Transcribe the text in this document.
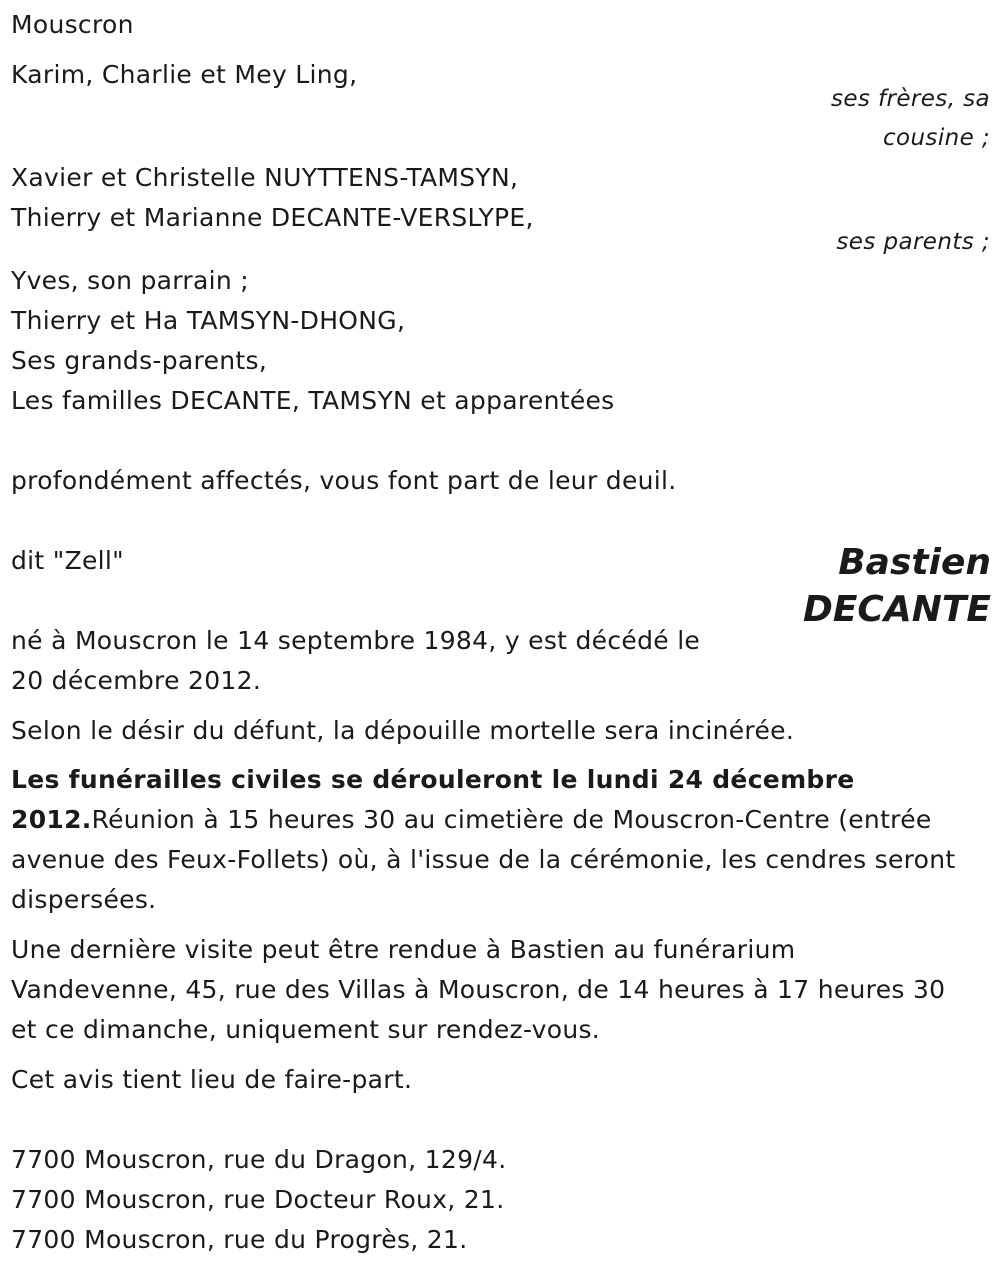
Mouscron
Karim, Charlie et Mey Ling,
ses frères, sa
cousine ;
Xavier et Christelle NUYTTENS-TAMSYN,
Thierry et Marianne DECANTE-VERSLYPE,
ses parents ;
Yves, son parrain ;
Thierry et Ha TAMSYN-DHONG,
Ses grands-parents,
Les familles DECANTE, TAMSYN et apparentées
profondément affectés, vous font part de leur deuil.
dit "Zell"	Bastien
DECANTE
né à Mouscron le 14 septembre 1984, y est décédé le
20 décembre 2012.
Selon le désir du défunt, la dépouille mortelle sera incinérée.
Les funérailles civiles se dérouleront le lundi 24 décembre
2012.Réunion à 15 heures 30 au cimetière de Mouscron-Centre (entrée
avenue des Feux-Follets) où, à l'issue de la cérémonie, les cendres seront
dispersées.
Une dernière visite peut être rendue à Bastien au funérarium
Vandevenne, 45, rue des Villas à Mouscron, de 14 heures à 17 heures 30
et ce dimanche, uniquement sur rendez-vous.
Cet avis tient lieu de faire-part.
7700 Mouscron, rue du Dragon, 129/4.
7700 Mouscron, rue Docteur Roux, 21.
7700 Mouscron, rue du Progrès, 21.
